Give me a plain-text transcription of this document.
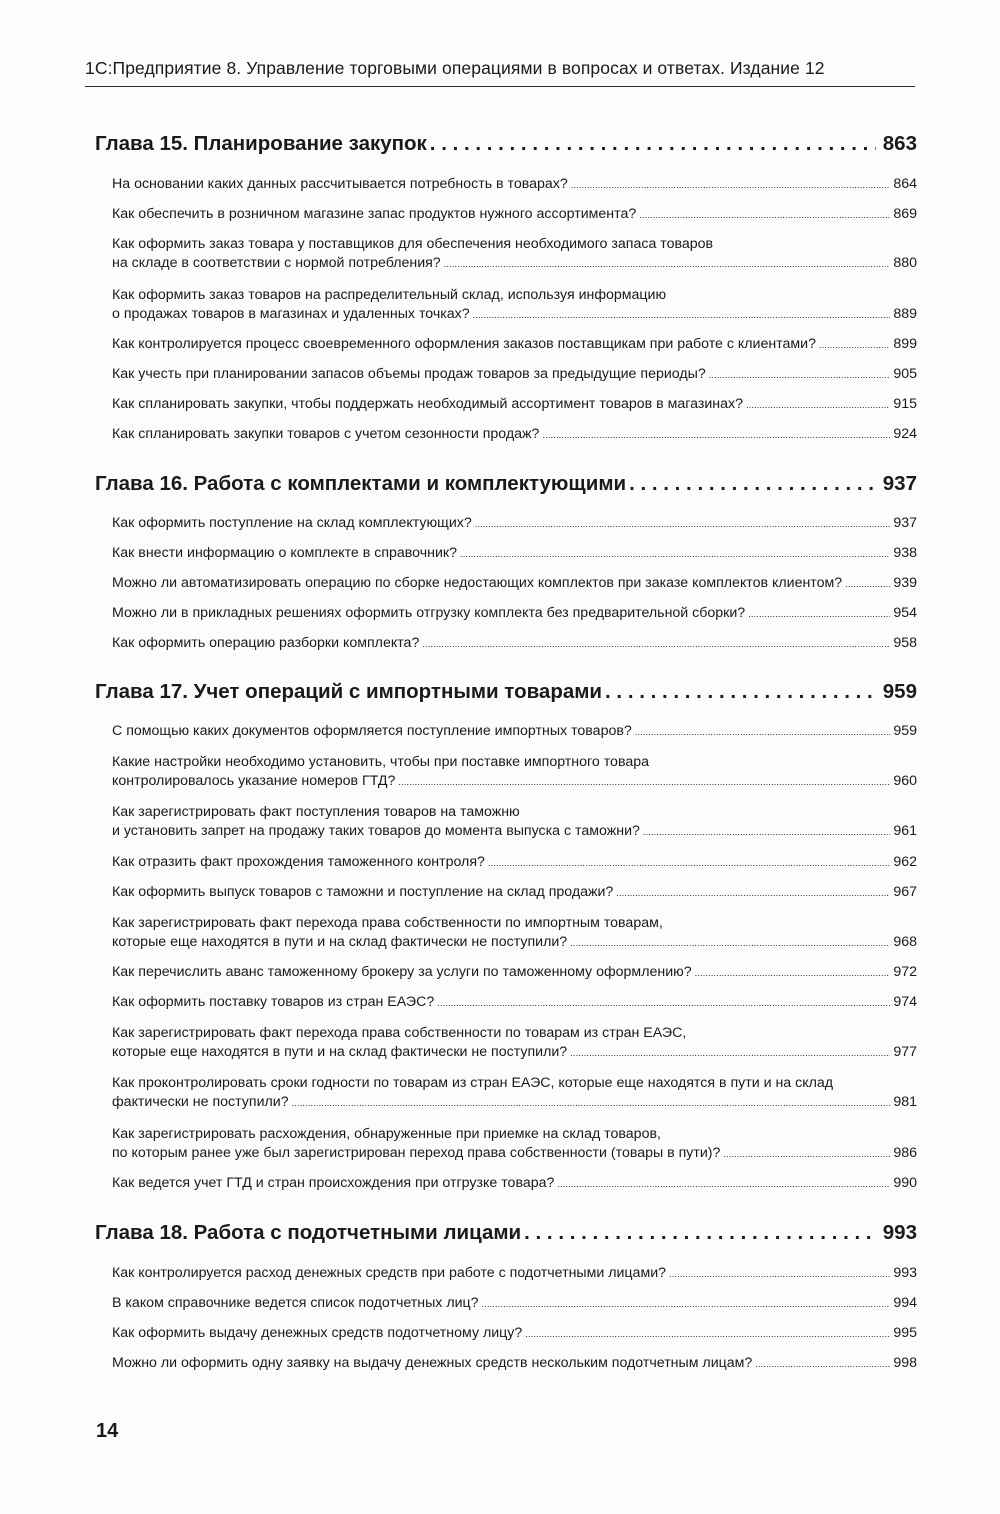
1С:Предприятие 8. Управление торговыми операциями в вопросах и ответах. Издание 12
Глава 15. Планирование закупок . . .	863
На основании каких данных рассчитывается потребность в товарах? .....	864
Как обеспечить в розничном магазине запас продуктов нужного ассортимента? .....	869
Как оформить заказ товара у поставщиков для обеспечения необходимого запаса товаров
на складе в соответствии с нормой потребления? .....	880
Как оформить заказ товаров на распределительный склад, используя информацию
о продажах товаров в магазинах и удаленных точках? .....	889
Как контролируется процесс своевременного оформления заказов поставщикам при работе с клиентами? .....	899
Как учесть при планировании запасов объемы продаж товаров за предыдущие периоды? .....	905
Как спланировать закупки, чтобы поддержать необходимый ассортимент товаров в магазинах? .....	915
Как спланировать закупки товаров с учетом сезонности продаж? .....	924
Глава 16. Работа с комплектами и комплектующими . . .	937
Как оформить поступление на склад комплектующих? .....	937
Как внести информацию о комплекте в справочник? .....	938
Можно ли автоматизировать операцию по сборке недостающих комплектов при заказе комплектов клиентом? .....	939
Можно ли в прикладных решениях оформить отгрузку комплекта без предварительной сборки? .....	954
Как оформить операцию разборки комплекта? .....	958
Глава 17. Учет операций с импортными товарами . . .	959
С помощью каких документов оформляется поступление импортных товаров? .....	959
Какие настройки необходимо установить, чтобы при поставке импортного товара
контролировалось указание номеров ГТД? .....	960
Как зарегистрировать факт поступления товаров на таможню
и установить запрет на продажу таких товаров до момента выпуска с таможни? .....	961
Как отразить факт прохождения таможенного контроля? .....	962
Как оформить выпуск товаров с таможни и поступление на склад продажи? .....	967
Как зарегистрировать факт перехода права собственности по импортным товарам,
которые еще находятся в пути и на склад фактически не поступили? .....	968
Как перечислить аванс таможенному брокеру за услуги по таможенному оформлению? .....	972
Как оформить поставку товаров из стран ЕАЭС? .....	974
Как зарегистрировать факт перехода права собственности по товарам из стран ЕАЭС,
которые еще находятся в пути и на склад фактически не поступили? .....	977
Как проконтролировать сроки годности по товарам из стран ЕАЭС, которые еще находятся в пути и на склад
фактически не поступили? .....	981
Как зарегистрировать расхождения, обнаруженные при приемке на склад товаров,
по которым ранее уже был зарегистрирован переход права собственности (товары в пути)? .....	986
Как ведется учет ГТД и стран происхождения при отгрузке товара? .....	990
Глава 18. Работа с подотчетными лицами . . .	993
Как контролируется расход денежных средств при работе с подотчетными лицами? .....	993
В каком справочнике ведется список подотчетных лиц? .....	994
Как оформить выдачу денежных средств подотчетному лицу? .....	995
Можно ли оформить одну заявку на выдачу денежных средств нескольким подотчетным лицам? .....	998
14
